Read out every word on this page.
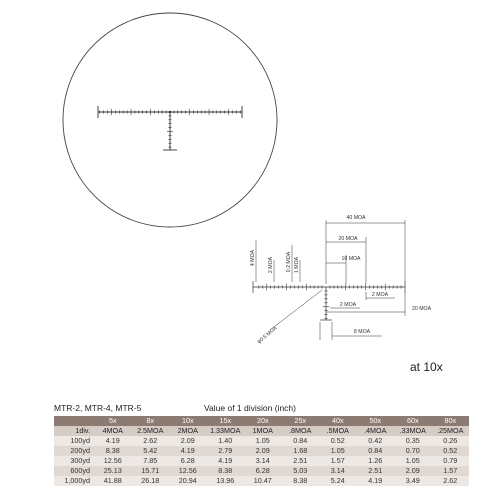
40 MOA
20 MOA
10 MOA
4 MOA 2 MOA 0.2 MOA 1 MOA
2 MOA
20 MOA
2 MOA
8 MOA
φ0.5 MOA
at 10x
MTR-2, MTR-4, MTR-5	Value of 1 division (inch)
	5x	8x	10x	15x	20x	25x	40x	50x	60x	80x
1div.	4MOA	2.5MOA	2MOA	1.33MOA	1MOA	.8MOA	.5MOA	.4MOA	.33MOA	.25MOA
100yd	4.19	2.62	2.09	1.40	1.05	0.84	0.52	0.42	0.35	0.26
200yd	8.38	5.42	4.19	2.79	2.09	1.68	1.05	0.84	0.70	0.52
300yd	12.56	7.85	6.28	4.19	3.14	2.51	1.57	1.26	1.05	0.79
600yd	25.13	15.71	12.56	8.38	6.28	5.03	3.14	2.51	2.09	1.57
1,000yd	41.88	26.18	20.94	13.96	10.47	8.38	5.24	4.19	3.49	2.62
